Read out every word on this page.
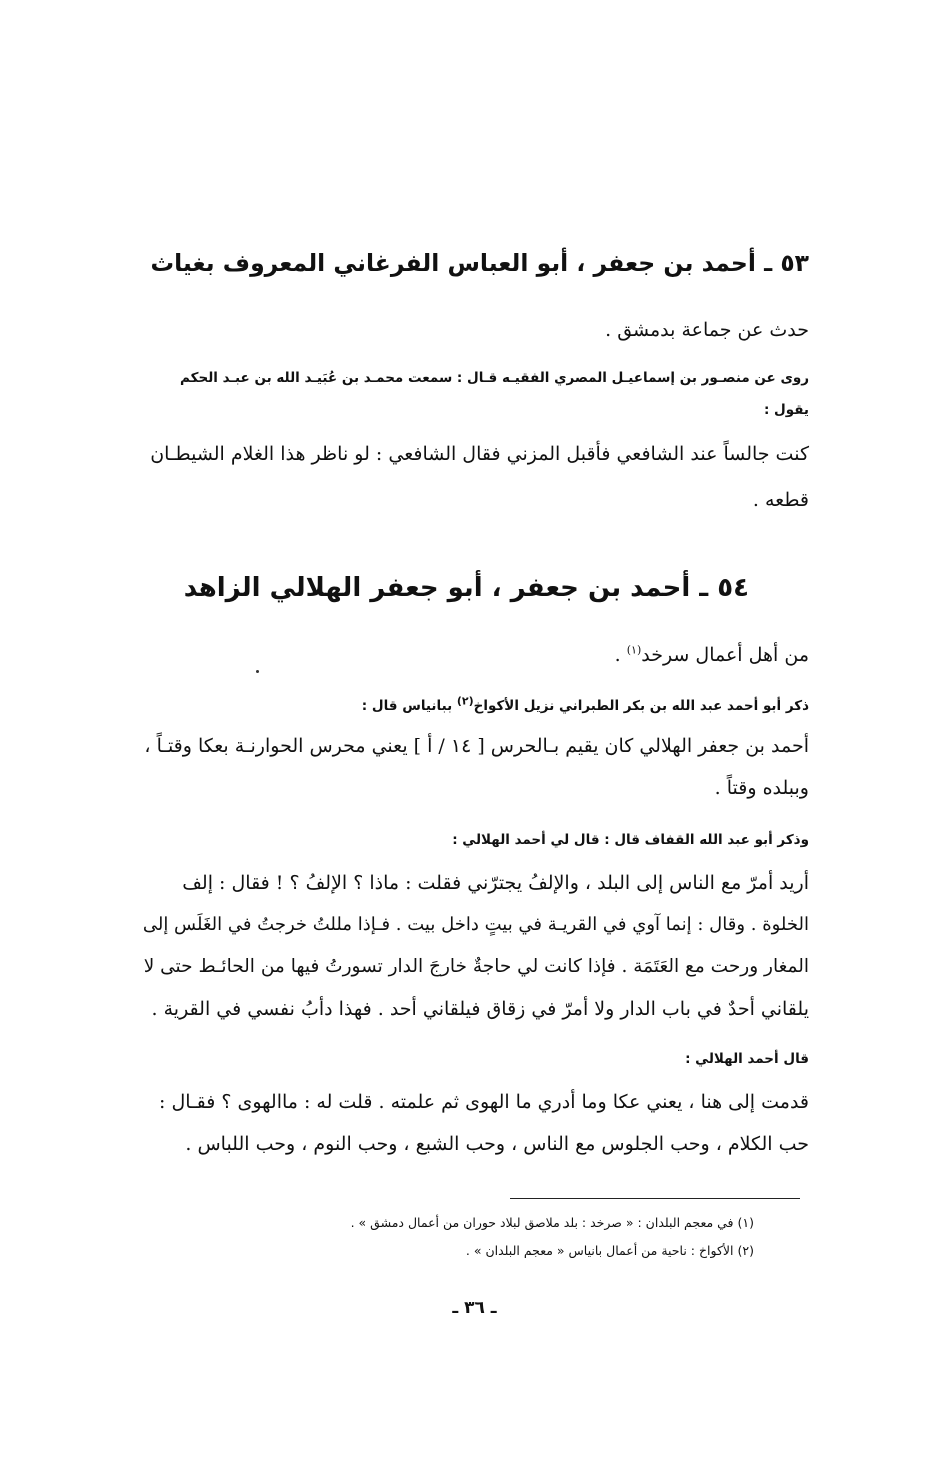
٥٣ ـ أحمد بن جعفر ، أبو العباس الفرغاني المعروف بغياث
حدث عن جماعة بدمشق .
روى عن منصـور بن إسماعيـل المصري الفقيـه قـال : سمعت محمـد بن عُبَيـد الله بن عبـد الحكم
يقول :
كنت جالساً عند الشافعي فأقبل المزني فقال الشافعي : لو ناظر هذا الغلام الشيطـان
قطعه .
٥٤ ـ أحمد بن جعفر ، أبو جعفر الهلالي الزاهد
من أهل أعمال سرخد$^{(١)}$ .
ذكر أبو أحمد عبد الله بن بكر الطبراني نزيل الأكواخ$^{(٢)}$ ببانياس قال :
أحمد بن جعفر الهلالي كان يقيم بـالحرس [ ١٤ / أ ] يعني محرس الحوارنـة بعكا وقتـاً ،
وببلده وقتاً .
وذكر أبو عبد الله القفاف قال : قال لي أحمد الهلالي :
أريد أمرّ مع الناس إلى البلد ، والإلفُ يجترّني فقلت : ماذا ؟ الإلفُ ؟ ! فقال : إلف
الخلوة . وقال : إنما آوي في القريـة في بيتٍ داخل بيت . فـإذا مللتُ خرجتُ في الغَلَس إلى
المغار ورحت مع العَتَمَة . فإذا كانت لي حاجةٌ خارجَ الدار تسورتُ فيها من الحائـط حتى لا
يلقاني أحدٌ في باب الدار ولا أمرّ في زقاق فيلقاني أحد . فهذا دأبُ نفسي في القرية .
قال أحمد الهلالي :
قدمت إلى هنا ، يعني عكا وما أدري ما الهوى ثم علمته . قلت له : ماالهوى ؟ فقـال :
حب الكلام ، وحب الجلوس مع الناس ، وحب الشبع ، وحب النوم ، وحب اللباس .
(١) في معجم البلدان : « صرخد : بلد ملاصق لبلاد حوران من أعمال دمشق » .
(٢) الأكواخ : ناحية من أعمال بانياس « معجم البلدان » .
ـ ٣٦ ـ
